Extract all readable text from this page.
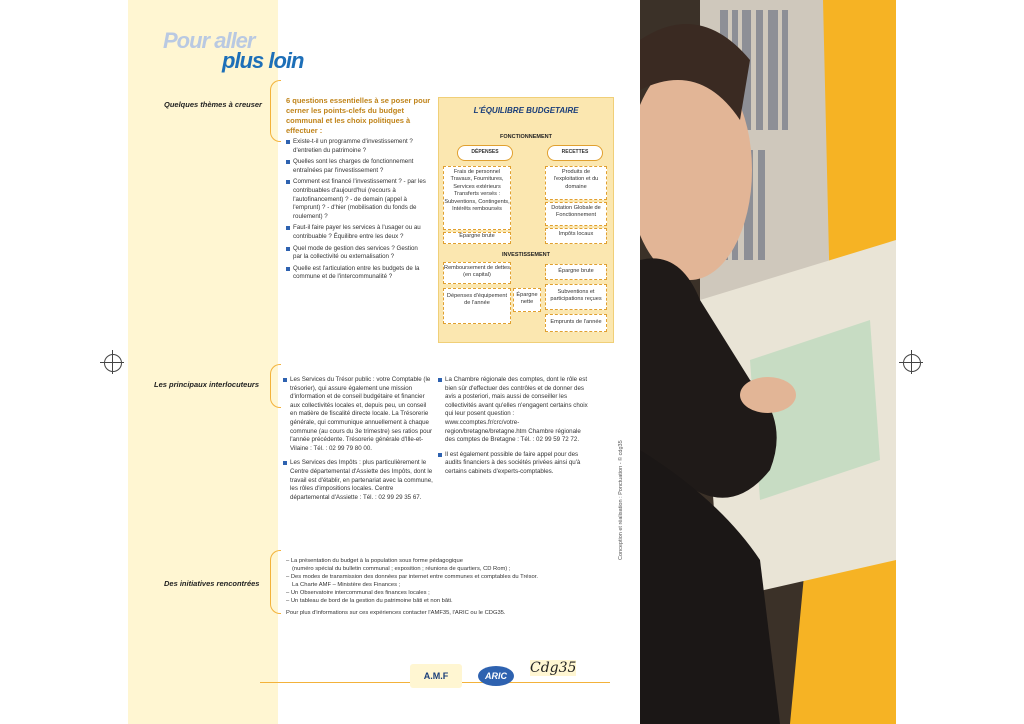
Pour aller
plus loin
Quelques thèmes à creuser
Les principaux interlocuteurs
Des initiatives rencontrées
6 questions essentielles à se poser pour cerner les points-clefs du budget communal et les choix politiques à effectuer :
Existe-t-il un programme d'investissement ? d'entretien du patrimoine ?
Quelles sont les charges de fonctionnement entraînées par l'investissement ?
Comment est financé l'investissement ? - par les contribuables d'aujourd'hui (recours à l'autofinancement) ? - de demain (appel à l'emprunt) ? - d'hier (mobilisation du fonds de roulement) ?
Faut-il faire payer les services à l'usager ou au contribuable ? Équilibre entre les deux ?
Quel mode de gestion des services ? Gestion par la collectivité ou externalisation ?
Quelle est l'articulation entre les budgets de la commune et de l'intercommunalité ?
L'ÉQUILIBRE BUDGETAIRE
FONCTIONNEMENT
DÉPENSES	RECETTES
Frais de personnel Travaux, Fournitures, Services extérieurs Transferts versés : Subventions, Contingents, Intérêts remboursés
Épargne brute
Produits de l'exploitation et du domaine
Dotation Globale de Fonctionnement
Impôts locaux
INVESTISSEMENT
Remboursement de dettes (en capital)
Dépenses d'équipement de l'année
Épargne nette
Épargne brute
Subventions et participations reçues
Emprunts de l'année
Les Services du Trésor public : votre Comptable (le trésorier), qui assure également une mission d'information et de conseil budgétaire et financier aux collectivités locales et, depuis peu, un conseil en matière de fiscalité directe locale. La Trésorerie générale, qui communique annuellement à chaque commune (au cours du 3e trimestre) ses ratios pour l'année précédente. Trésorerie générale d'Ille-et-Vilaine : Tél. : 02 99 79 80 00.
Les Services des Impôts : plus particulièrement le Centre départemental d'Assiette des Impôts, dont le travail est d'établir, en partenariat avec la commune, les rôles d'impositions locales. Centre départemental d'Assiette : Tél. : 02 99 29 35 67.
La Chambre régionale des comptes, dont le rôle est bien sûr d'effectuer des contrôles et de donner des avis a posteriori, mais aussi de conseiller les collectivités avant qu'elles n'engagent certains choix qui leur posent question : www.ccomptes.fr/crc/votre-region/bretagne/bretagne.htm Chambre régionale des comptes de Bretagne : Tél. : 02 99 59 72 72.
Il est également possible de faire appel pour des audits financiers à des sociétés privées ainsi qu'à certains cabinets d'experts-comptables.
– La présentation du budget à la population sous forme pédagogique
(numéro spécial du bulletin communal ; exposition ; réunions de quartiers, CD Rom) ;
– Des modes de transmission des données par internet entre communes et comptables du Trésor.
La Charte AMF – Ministère des Finances ;
– Un Observatoire intercommunal des finances locales ;
– Un tableau de bord de la gestion du patrimoine bâti et non bâti.
Pour plus d'informations sur ces expériences contacter l'AMF35, l'ARIC ou le CDG35.
A.M.F	ARIC	Cdg35
Conception et réalisation : Ponctuation - © cdg35
